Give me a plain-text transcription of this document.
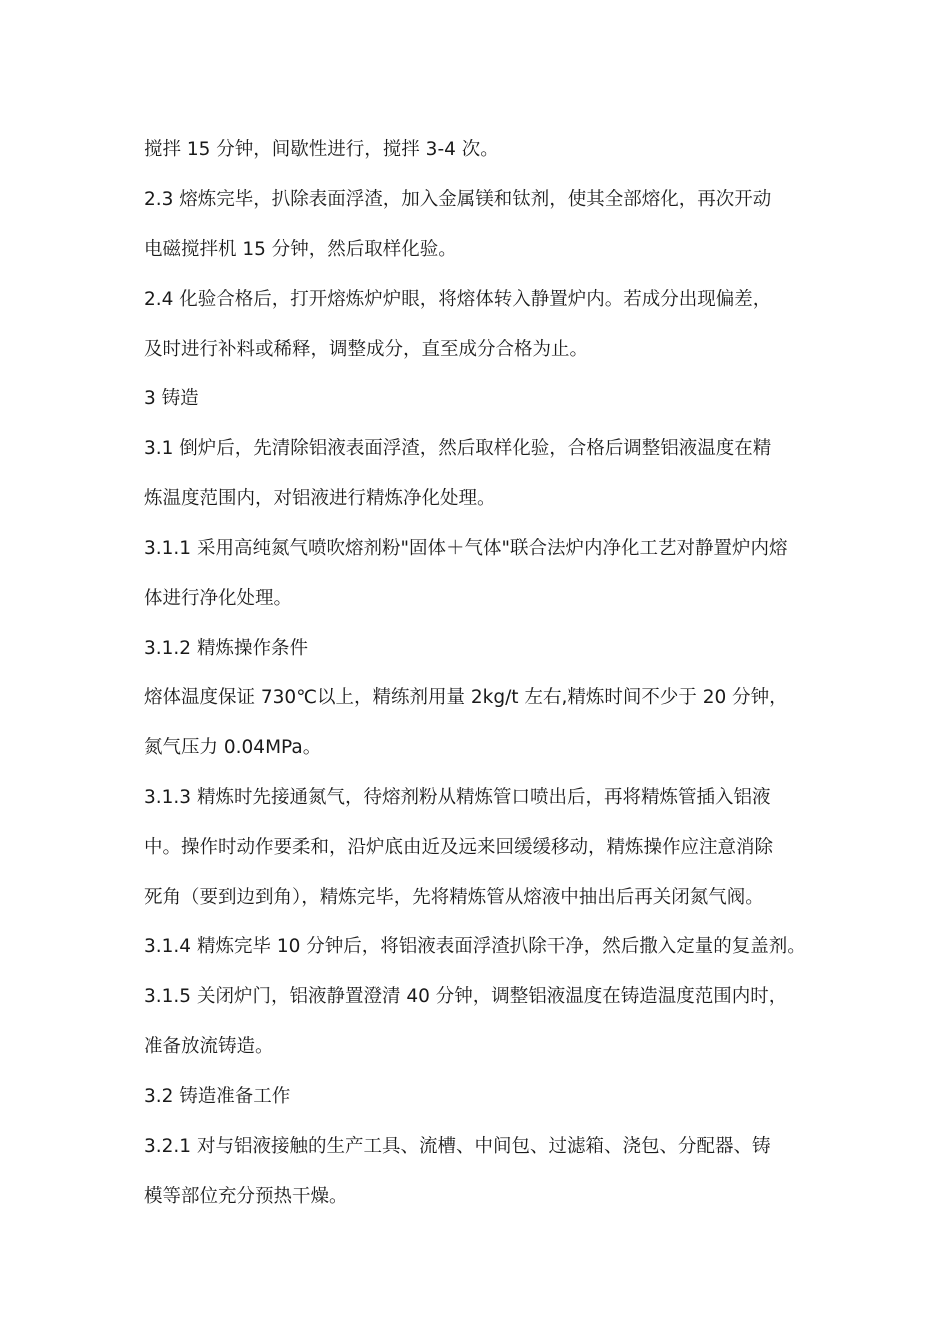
搅拌 15 分钟，间歇性进行，搅拌 3-4 次。
2.3 熔炼完毕，扒除表面浮渣，加入金属镁和钛剂，使其全部熔化，再次开动
电磁搅拌机 15 分钟，然后取样化验。
2.4 化验合格后，打开熔炼炉炉眼，将熔体转入静置炉内。若成分出现偏差，
及时进行补料或稀释，调整成分，直至成分合格为止。
3 铸造
3.1 倒炉后，先清除铝液表面浮渣，然后取样化验，合格后调整铝液温度在精
炼温度范围内，对铝液进行精炼净化处理。
3.1.1 采用高纯氮气喷吹熔剂粉"固体＋气体"联合法炉内净化工艺对静置炉内熔
体进行净化处理。
3.1.2 精炼操作条件
熔体温度保证 730℃以上，精练剂用量 2kg/t 左右,精炼时间不少于 20 分钟，
氮气压力 0.04MPa。
3.1.3 精炼时先接通氮气，待熔剂粉从精炼管口喷出后，再将精炼管插入铝液
中。操作时动作要柔和，沿炉底由近及远来回缓缓移动，精炼操作应注意消除
死角（要到边到角），精炼完毕，先将精炼管从熔液中抽出后再关闭氮气阀。
3.1.4 精炼完毕 10 分钟后，将铝液表面浮渣扒除干净，然后撒入定量的复盖剂。
3.1.5 关闭炉门，铝液静置澄清 40 分钟，调整铝液温度在铸造温度范围内时，
准备放流铸造。
3.2 铸造准备工作
3.2.1 对与铝液接触的生产工具、流槽、中间包、过滤箱、浇包、分配器、铸
模等部位充分预热干燥。
